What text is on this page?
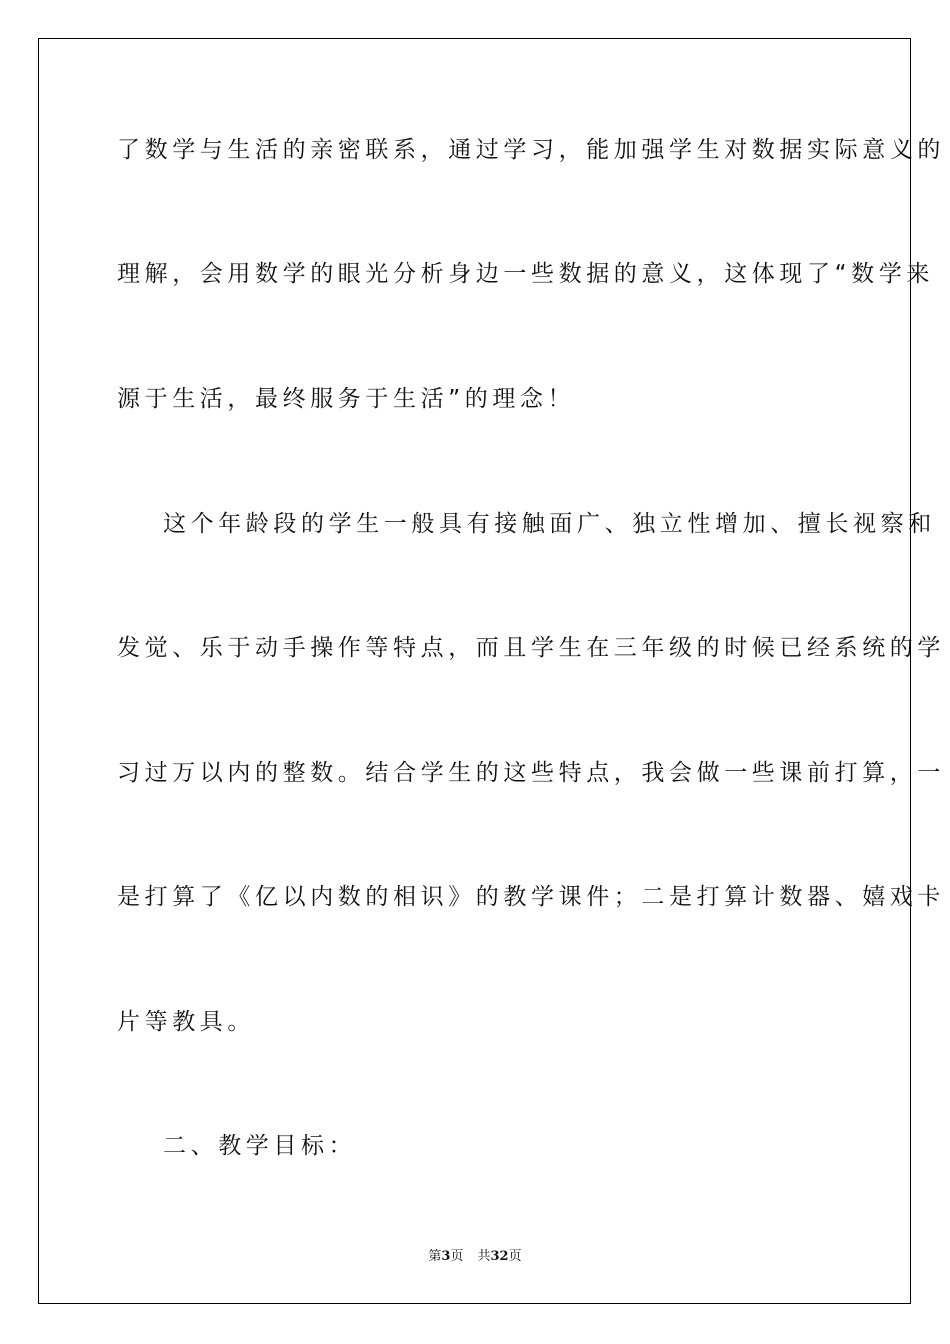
了数学与生活的亲密联系，通过学习，能加强学生对数据实际意义的
理解，会用数学的眼光分析身边一些数据的意义，这体现了“数学来
源于生活，最终服务于生活”的理念！
这个年龄段的学生一般具有接触面广、独立性增加、擅长视察和
发觉、乐于动手操作等特点，而且学生在三年级的时候已经系统的学
习过万以内的整数。结合学生的这些特点，我会做一些课前打算，一
是打算了《亿以内数的相识》的教学课件；二是打算计数器、嬉戏卡
片等教具。
二、教学目标：
第3页 共32页
